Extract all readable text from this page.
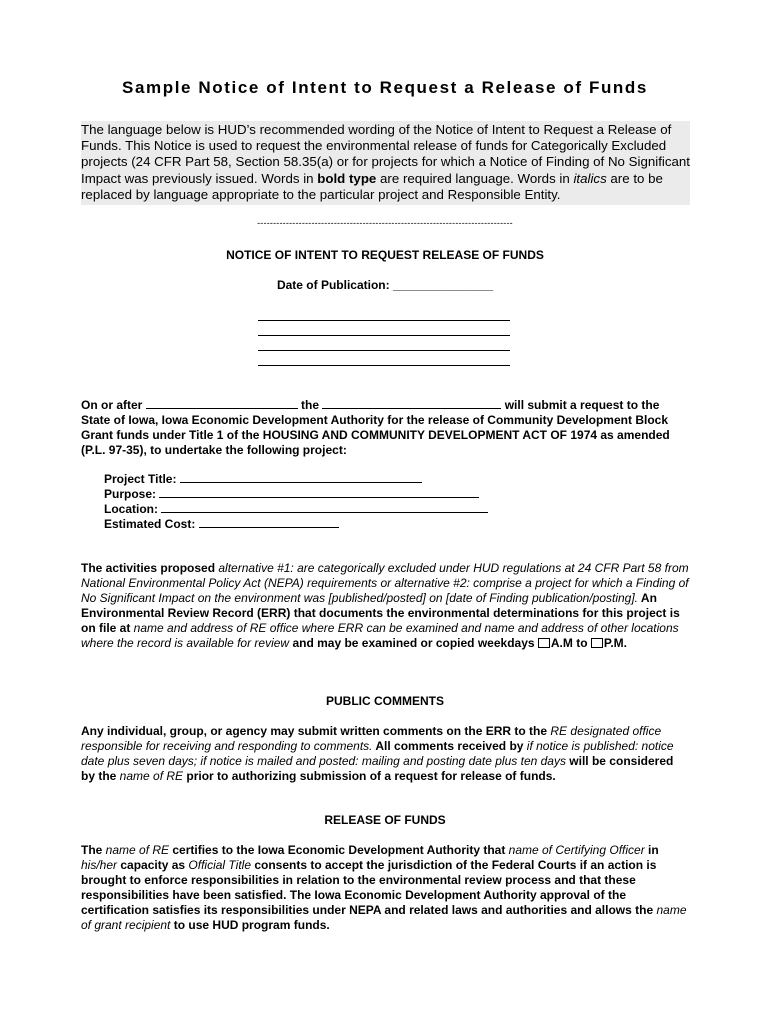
Sample Notice of Intent to Request a Release of Funds
The language below is HUD’s recommended wording of the Notice of Intent to Request a Release of Funds. This Notice is used to request the environmental release of funds for Categorically Excluded projects (24 CFR Part 58, Section 58.35(a) or for projects for which a Notice of Finding of No Significant Impact was previously issued. Words in bold type are required language. Words in italics are to be replaced by language appropriate to the particular project and Responsible Entity.
--------------------------------------------------------------------------------
NOTICE OF INTENT TO REQUEST RELEASE OF FUNDS
Date of Publication: _______________
On or after	the	will submit a request to the State of Iowa, Iowa Economic Development Authority for the release of Community Development Block Grant funds under Title 1 of the HOUSING AND COMMUNITY DEVELOPMENT ACT OF 1974 as amended (P.L. 97-35), to undertake the following project:
Project Title:
Purpose:
Location:
Estimated Cost:
The activities proposed alternative #1: are categorically excluded under HUD regulations at 24 CFR Part 58 from National Environmental Policy Act (NEPA) requirements or alternative #2: comprise a project for which a Finding of No Significant Impact on the environment was [published/posted] on [date of Finding publication/posting]. An Environmental Review Record (ERR) that documents the environmental determinations for this project is on file at name and address of RE office where ERR can be examined and name and address of other locations where the record is available for review and may be examined or copied weekdays A.M to P.M.
PUBLIC COMMENTS
Any individual, group, or agency may submit written comments on the ERR to the RE designated office responsible for receiving and responding to comments. All comments received by if notice is published: notice date plus seven days; if notice is mailed and posted: mailing and posting date plus ten days will be considered by the name of RE prior to authorizing submission of a request for release of funds.
RELEASE OF FUNDS
The name of RE certifies to the Iowa Economic Development Authority that name of Certifying Officer in his/her capacity as Official Title consents to accept the jurisdiction of the Federal Courts if an action is brought to enforce responsibilities in relation to the environmental review process and that these responsibilities have been satisfied. The Iowa Economic Development Authority approval of the certification satisfies its responsibilities under NEPA and related laws and authorities and allows the name of grant recipient to use HUD program funds.
